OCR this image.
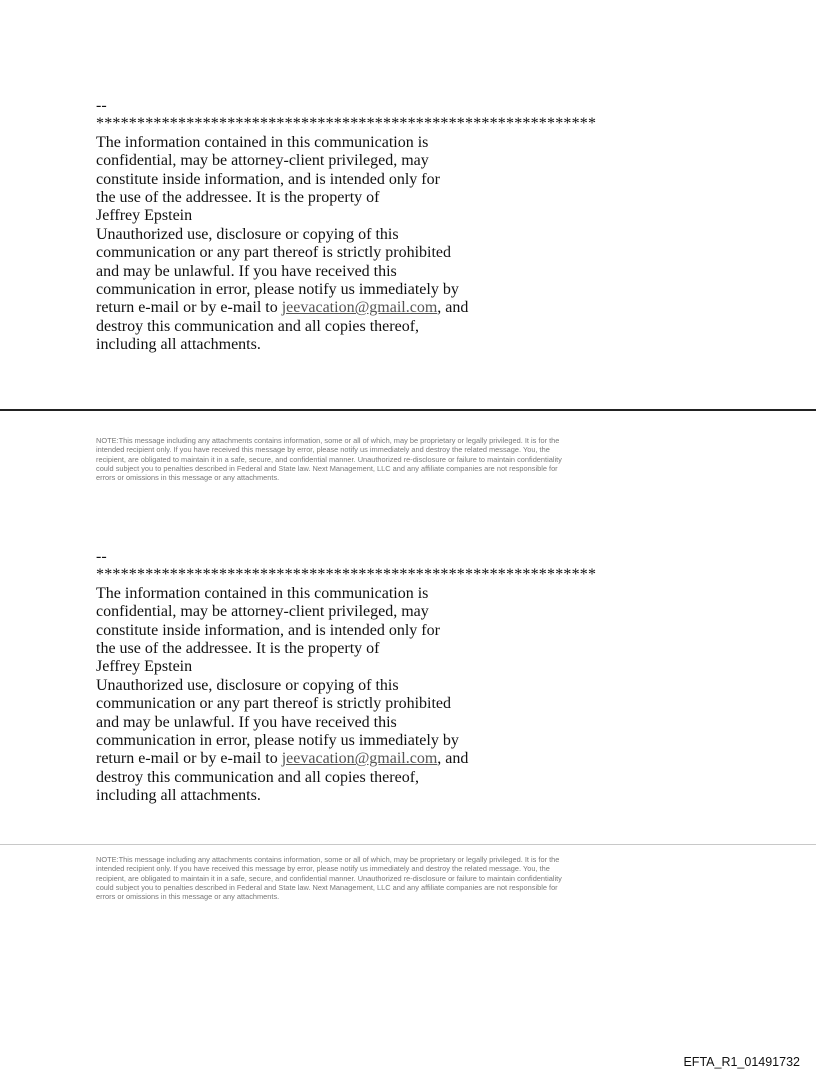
--

*************************************************************

The information contained in this communication is

confidential, may be attorney-client privileged, may

constitute inside information, and is intended only for

the use of the addressee. It is the property of

Jeffrey Epstein

Unauthorized use, disclosure or copying of this

communication or any part thereof is strictly prohibited

and may be unlawful. If you have received this

communication in error, please notify us immediately by

return e-mail or by e-mail to jeevacation@gmail.com, and

destroy this communication and all copies thereof,

including all attachments.

NOTE:This message including any attachments contains information, some or all of which, may be proprietary or legally privileged. It is for the
intended recipient only. If you have received this message by error, please notify us immediately and destroy the related message. You, the
recipient, are obligated to maintain it in a safe, secure, and confidential manner. Unauthorized re-disclosure or failure to maintain confidentiality
could subject you to penalties described in Federal and State law. Next Management, LLC and any affiliate companies are not responsible for
errors or omissions in this message or any attachments.

--

*************************************************************

The information contained in this communication is

confidential, may be attorney-client privileged, may

constitute inside information, and is intended only for

the use of the addressee. It is the property of

Jeffrey Epstein

Unauthorized use, disclosure or copying of this

communication or any part thereof is strictly prohibited

and may be unlawful. If you have received this

communication in error, please notify us immediately by

return e-mail or by e-mail to jeevacation@gmail.com, and

destroy this communication and all copies thereof,

including all attachments.

NOTE:This message including any attachments contains information, some or all of which, may be proprietary or legally privileged. It is for the
intended recipient only. If you have received this message by error, please notify us immediately and destroy the related message. You, the
recipient, are obligated to maintain it in a safe, secure, and confidential manner. Unauthorized re-disclosure or failure to maintain confidentiality
could subject you to penalties described in Federal and State law. Next Management, LLC and any affiliate companies are not responsible for
errors or omissions in this message or any attachments.

EFTA_R1_01491732
